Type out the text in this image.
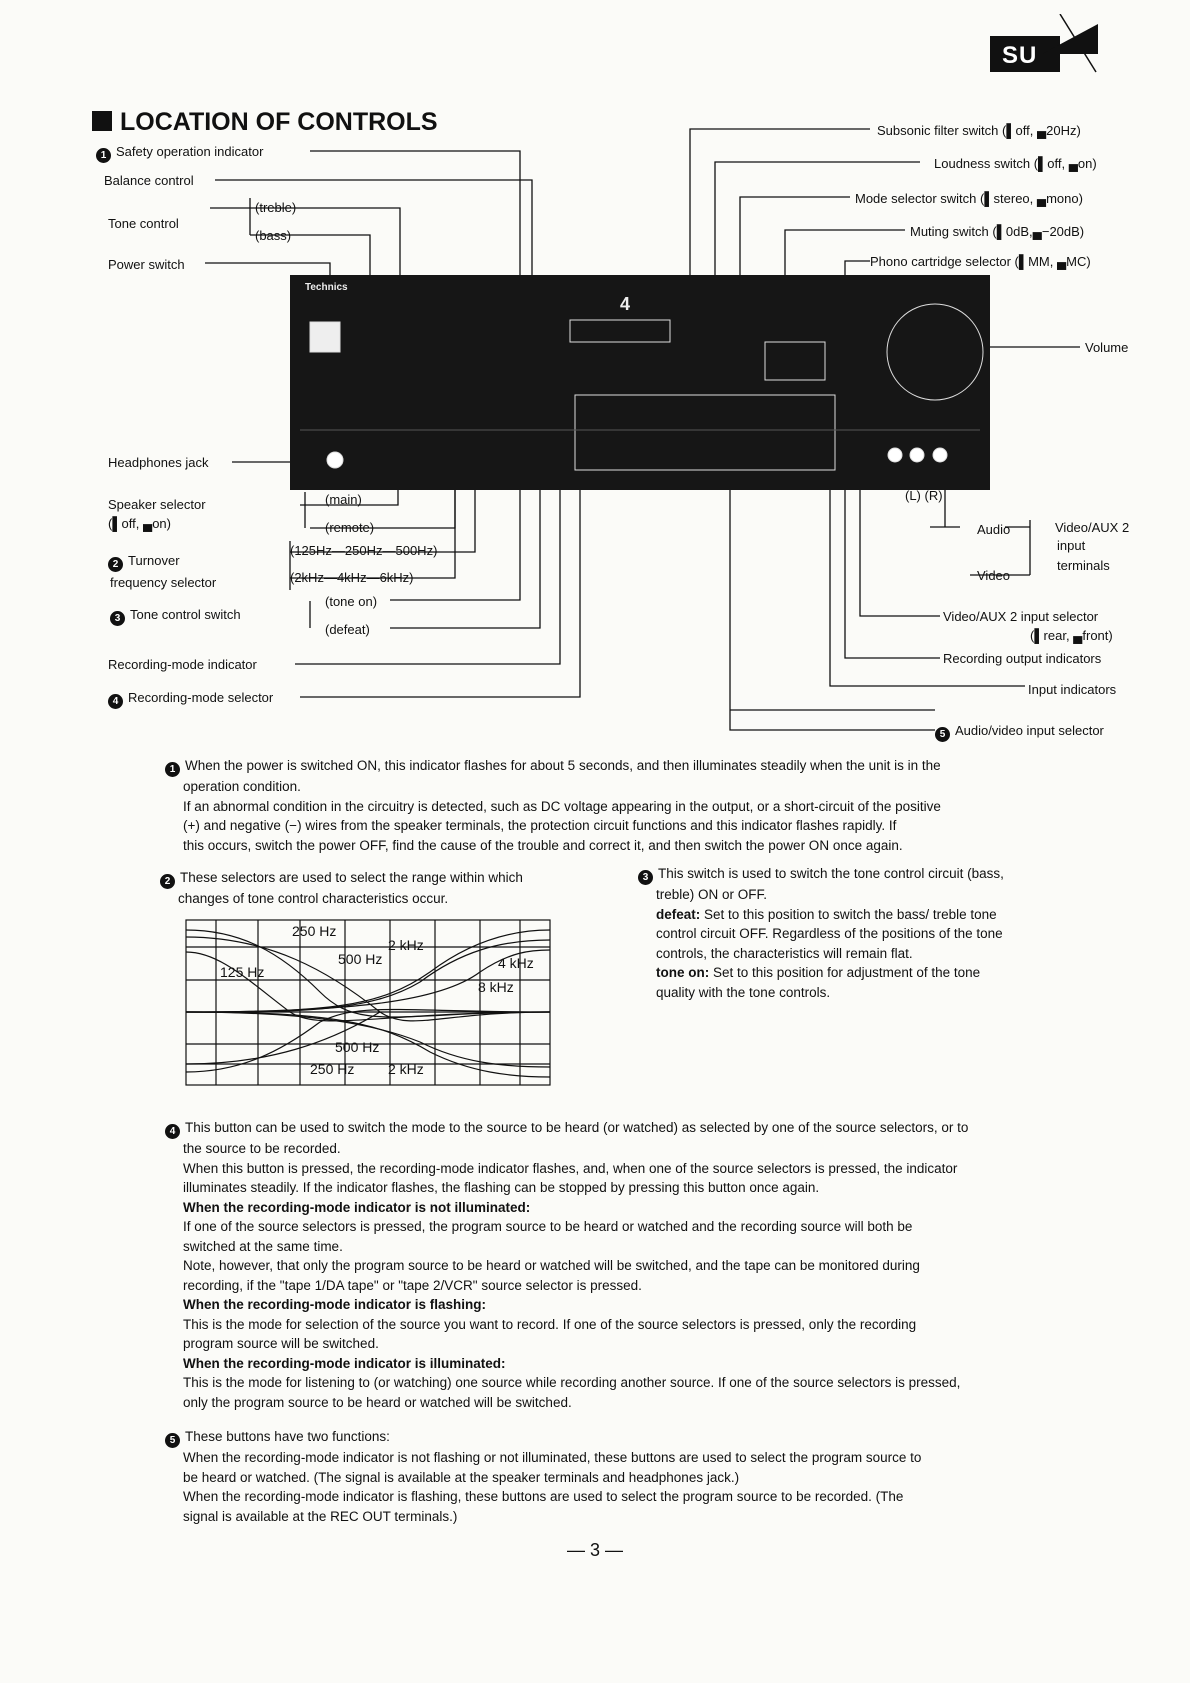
SU
LOCATION OF CONTROLS
Technics
4
1 Safety operation indicator
Balance control
(treble)
Tone control
(bass)
Power switch
Headphones jack
Speaker selector
(▌off, ▄on)
(main)
(remote)
2 Turnover
frequency selector
(125Hz—250Hz—500Hz)
(2kHz—4kHz—6kHz)
3 Tone control switch
(tone on)
(defeat)
Recording-mode indicator
4 Recording-mode selector
Subsonic filter switch (▌off, ▄20Hz)
Loudness switch (▌off, ▄on)
Mode selector switch (▌stereo, ▄mono)
Muting switch (▌0dB,▄−20dB)
Phono cartridge selector (▌MM, ▄MC)
Volume
(L) (R)
Audio
Video
Video/AUX 2
input
terminals
Video/AUX 2 input selector
(▌rear, ▄front)
Recording output indicators
Input indicators
5 Audio/video input selector

1 When the power is switched ON, this indicator flashes for about 5 seconds, and then illuminates steadily when the unit is in the

operation condition.

If an abnormal condition in the circuitry is detected, such as DC voltage appearing in the output, or a short-circuit of the positive

(+) and negative (−) wires from the speaker terminals, the protection circuit functions and this indicator flashes rapidly. If

this occurs, switch the power OFF, find the cause of the trouble and correct it, and then switch the power ON once again.

2 These selectors are used to select the range within which

changes of tone control characteristics occur.

3 This switch is used to switch the tone control circuit (bass,

treble) ON or OFF.

defeat: Set to this position to switch the bass/ treble tone

control circuit OFF. Regardless of the positions of the tone

controls, the characteristics will remain flat.

tone on: Set to this position for adjustment of the tone

quality with the tone controls.

250 Hz
2 kHz
500 Hz	4 kHz
125 Hz
8 kHz
500 Hz
250 Hz 2 kHz

4 This button can be used to switch the mode to the source to be heard (or watched) as selected by one of the source selectors, or to

the source to be recorded.

When this button is pressed, the recording-mode indicator flashes, and, when one of the source selectors is pressed, the indicator

illuminates steadily. If the indicator flashes, the flashing can be stopped by pressing this button once again.

When the recording-mode indicator is not illuminated:

If one of the source selectors is pressed, the program source to be heard or watched and the recording source will both be

switched at the same time.

Note, however, that only the program source to be heard or watched will be switched, and the tape can be monitored during

recording, if the "tape 1/DA tape" or "tape 2/VCR" source selector is pressed.

When the recording-mode indicator is flashing:

This is the mode for selection of the source you want to record. If one of the source selectors is pressed, only the recording

program source will be switched.

When the recording-mode indicator is illuminated:

This is the mode for listening to (or watching) one source while recording another source. If one of the source selectors is pressed,

only the program source to be heard or watched will be switched.

5 These buttons have two functions:

When the recording-mode indicator is not flashing or not illuminated, these buttons are used to select the program source to

be heard or watched. (The signal is available at the speaker terminals and headphones jack.)

When the recording-mode indicator is flashing, these buttons are used to select the program source to be recorded. (The

signal is available at the REC OUT terminals.)

— 3 —
